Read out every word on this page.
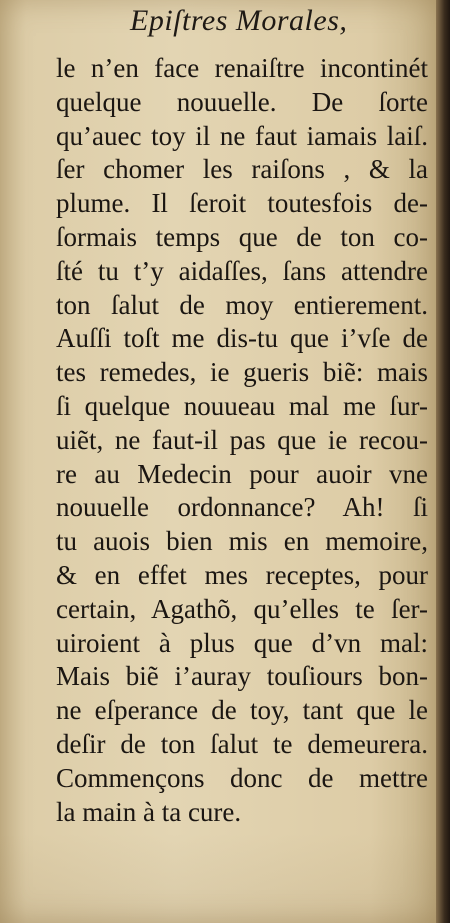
Epiſtres Morales,
le n’en face renaiſtre incontinét
quelque nouuelle. De ſorte
qu’auec toy il ne faut iamais laiſ.
ſer chomer les raiſons , & la
plume. Il ſeroit toutesfois de-
ſormais temps que de ton co-
ſté tu t’y aidaſſes, ſans attendre
ton ſalut de moy entierement.
Auſſi toſt me dis-tu que i’vſe de
tes remedes, ie gueris biẽ: mais
ſi quelque nouueau mal me ſur-
uiẽt, ne faut-il pas que ie recou-
re au Medecin pour auoir vne
nouuelle ordonnance? Ah! ſi
tu auois bien mis en memoire,
& en effet mes receptes, pour
certain, Agathõ, qu’elles te ſer-
uiroient à plus que d’vn mal:
Mais biẽ i’auray touſiours bon-
ne eſperance de toy, tant que le
deſir de ton ſalut te demeurera.
Commençons donc de mettre
la main à ta cure.
